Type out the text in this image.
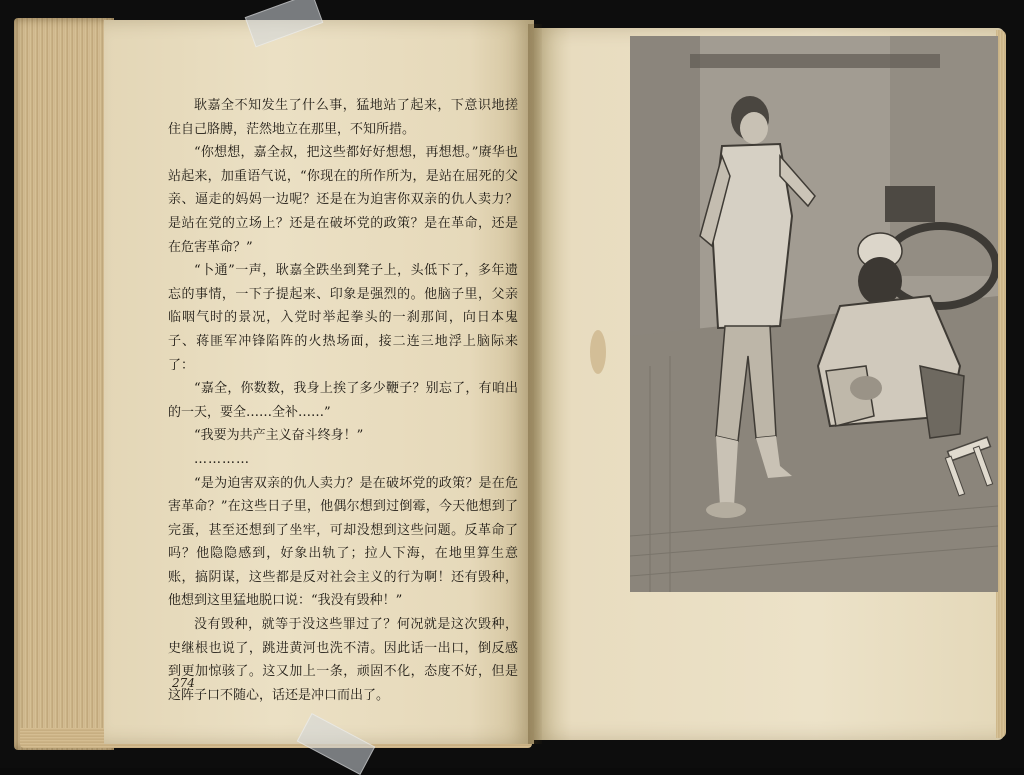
耿嘉全不知发生了什么事，猛地站了起来，下意识地搓住自己胳膊，茫然地立在那里，不知所措。

“你想想，嘉全叔，把这些都好好想想，再想想。”赓华也站起来，加重语气说，“你现在的所作所为，是站在屈死的父亲、逼走的妈妈一边呢？还是在为迫害你双亲的仇人卖力？是站在党的立场上？还是在破坏党的政策？是在革命，还是在危害革命？”

“卜通”一声，耿嘉全跌坐到凳子上，头低下了，多年遗忘的事情，一下子提起来、印象是强烈的。他脑子里，父亲临咽气时的景况，入党时举起拳头的一刹那间，向日本鬼子、蒋匪军冲锋陷阵的火热场面，接二连三地浮上脑际来了：

“嘉全，你数数，我身上挨了多少鞭子？别忘了，有咱出的一天，要全……全补……”

“我要为共产主义奋斗终身！”

…………

“是为迫害双亲的仇人卖力？是在破坏党的政策？是在危害革命？”在这些日子里，他偶尔想到过倒霉，今天他想到了完蛋，甚至还想到了坐牢，可却没想到这些问题。反革命了吗？他隐隐感到，好象出轨了；拉人下海，在地里算生意账，搞阴谋，这些都是反对社会主义的行为啊！还有毁种，他想到这里猛地脱口说：“我没有毁种！”

没有毁种，就等于没这些罪过了？何况就是这次毁种，史继根也说了，跳进黄河也洗不清。因此话一出口，倒反感到更加惊骇了。这又加上一条，顽固不化，态度不好，但是这阵子口不随心，话还是冲口而出了。

274
